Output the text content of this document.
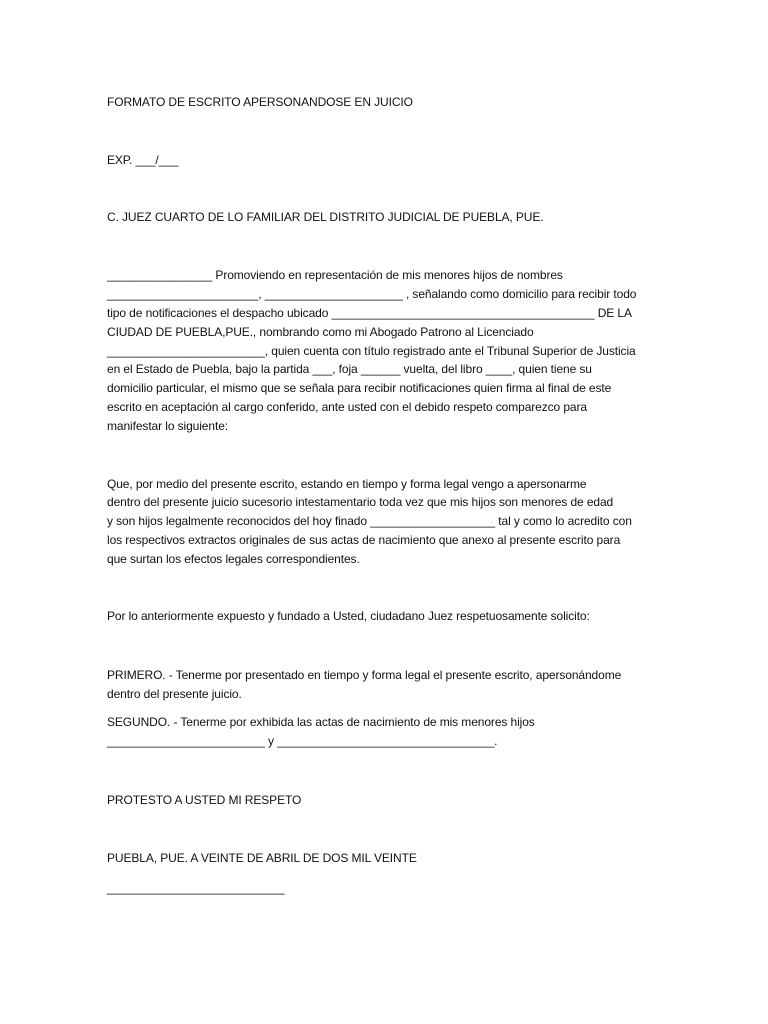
FORMATO DE ESCRITO APERSONANDOSE EN JUICIO
EXP. ___/___
C. JUEZ CUARTO DE LO FAMILIAR DEL DISTRITO JUDICIAL DE PUEBLA, PUE.
________________ Promoviendo en representación de mis menores hijos de nombres
_______________________, _____________________ , señalando como domicilio para recibir todo
tipo de notificaciones el despacho ubicado ________________________________________ DE LA
CIUDAD DE PUEBLA,PUE., nombrando como mi Abogado Patrono al Licenciado
________________________, quien cuenta con título registrado ante el Tribunal Superior de Justicia
en el Estado de Puebla, bajo la partida ___, foja ______ vuelta, del libro ____, quien tiene su
domicilio particular, el mismo que se señala para recibir notificaciones quien firma al final de este
escrito en aceptación al cargo conferido, ante usted con el debido respeto comparezco para
manifestar lo siguiente:
Que, por medio del presente escrito, estando en tiempo y forma legal vengo a apersonarme
dentro del presente juicio sucesorio intestamentario toda vez que mis hijos son menores de edad
y son hijos legalmente reconocidos del hoy finado ___________________ tal y como lo acredito con
los respectivos extractos originales de sus actas de nacimiento que anexo al presente escrito para
que surtan los efectos legales correspondientes.
Por lo anteriormente expuesto y fundado a Usted, ciudadano Juez respetuosamente solicito:
PRIMERO. - Tenerme por presentado en tiempo y forma legal el presente escrito, apersonándome
dentro del presente juicio.
SEGUNDO. - Tenerme por exhibida las actas de nacimiento de mis menores hijos
________________________ y _________________________________.
PROTESTO A USTED MI RESPETO
PUEBLA, PUE. A VEINTE DE ABRIL DE DOS MIL VEINTE
___________________________
